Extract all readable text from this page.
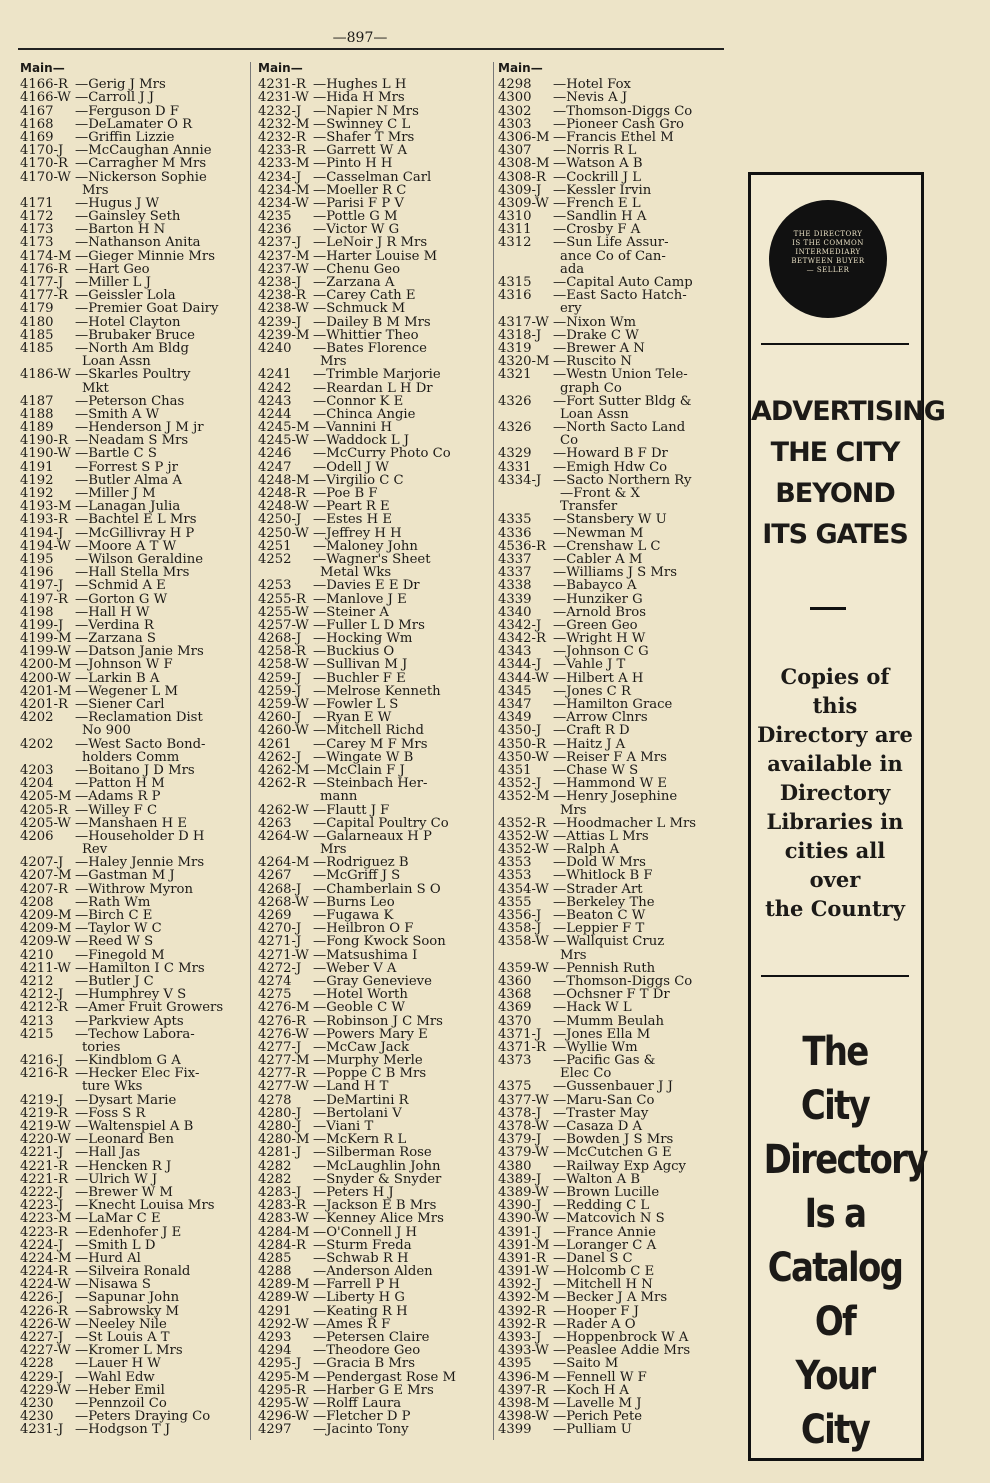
—897—
Main—
4166-R —Gerig J Mrs
4166-W —Carroll J J
4167	—Ferguson D F
4168	—DeLamater O R
4169	—Griffin Lizzie
4170-J —McCaughan Annie
4170-R —Carragher M Mrs
4170-W —Nickerson Sophie
Mrs
4171	—Hugus J W
4172	—Gainsley Seth
4173	—Barton H N
4173	—Nathanson Anita
4174-M —Gieger Minnie Mrs
4176-R —Hart Geo
4177-J —Miller L J
4177-R —Geissler Lola
4179	—Premier Goat Dairy
4180	—Hotel Clayton
4185	—Brubaker Bruce
4185	—North Am Bldg
Loan Assn
4186-W —Skarles Poultry
Mkt
4187	—Peterson Chas
4188	—Smith A W
4189	—Henderson J M jr
4190-R —Neadam S Mrs
4190-W —Bartle C S
4191	—Forrest S P jr
4192	—Butler Alma A
4192	—Miller J M
4193-M —Lanagan Julia
4193-R —Bachtel E L Mrs
4194-J —McGillivray H P
4194-W —Moore A T W
4195	—Wilson Geraldine
4196	—Hall Stella Mrs
4197-J —Schmid A E
4197-R —Gorton G W
4198	—Hall H W
4199-J —Verdina R
4199-M —Zarzana S
4199-W —Datson Janie Mrs
4200-M —Johnson W F
4200-W —Larkin B A
4201-M —Wegener L M
4201-R —Siener Carl
4202	—Reclamation Dist
No 900
4202	—West Sacto Bond-
holders Comm
4203	—Boitano J D Mrs
4204	—Patton H M
4205-M —Adams R P
4205-R —Willey F C
4205-W —Manshaen H E
4206	—Householder D H
Rev
4207-J —Haley Jennie Mrs
4207-M —Gastman M J
4207-R —Withrow Myron
4208	—Rath Wm
4209-M —Birch C E
4209-M —Taylor W C
4209-W —Reed W S
4210	—Finegold M
4211-W —Hamilton I C Mrs
4212	—Butler J C
4212-J —Humphrey V S
4212-R —Amer Fruit Growers
4213	—Parkview Apts
4215	—Techow Labora-
tories
4216-J —Kindblom G A
4216-R —Hecker Elec Fix-
ture Wks
4219-J —Dysart Marie
4219-R —Foss S R
4219-W —Waltenspiel A B
4220-W —Leonard Ben
4221-J —Hall Jas
4221-R —Hencken R J
4221-R —Ulrich W J
4222-J —Brewer W M
4223-J —Knecht Louisa Mrs
4223-M —LaMar C E
4223-R —Edenhofer J E
4224-J —Smith L D
4224-M —Hurd Al
4224-R —Silveira Ronald
4224-W —Nisawa S
4226-J —Sapunar John
4226-R —Sabrowsky M
4226-W —Neeley Nile
4227-J —St Louis A T
4227-W —Kromer L Mrs
4228	—Lauer H W
4229-J —Wahl Edw
4229-W —Heber Emil
4230	—Pennzoil Co
4230	—Peters Draying Co
4231-J —Hodgson T J
Main—
4231-R —Hughes L H
4231-W —Hida H Mrs
4232-J —Napier N Mrs
4232-M —Swinney C L
4232-R —Shafer T Mrs
4233-R —Garrett W A
4233-M —Pinto H H
4234-J —Casselman Carl
4234-M —Moeller R C
4234-W —Parisi F P V
4235	—Pottle G M
4236	—Victor W G
4237-J —LeNoir J R Mrs
4237-M —Harter Louise M
4237-W —Chenu Geo
4238-J —Zarzana A
4238-R —Carey Cath E
4238-W —Schmuck M
4239-J —Dailey B M Mrs
4239-M —Whittier Theo
4240	—Bates Florence
Mrs
4241	—Trimble Marjorie
4242	—Reardan L H Dr
4243	—Connor K E
4244	—Chinca Angie
4245-M —Vannini H
4245-W —Waddock L J
4246	—McCurry Photo Co
4247	—Odell J W
4248-M —Virgilio C C
4248-R —Poe B F
4248-W —Peart R E
4250-J —Estes H E
4250-W —Jeffrey H H
4251	—Maloney John
4252	—Wagner's Sheet
Metal Wks
4253	—Davies E E Dr
4255-R —Manlove J E
4255-W —Steiner A
4257-W —Fuller L D Mrs
4268-J —Hocking Wm
4258-R —Buckius O
4258-W —Sullivan M J
4259-J —Buchler F E
4259-J —Melrose Kenneth
4259-W —Fowler L S
4260-J —Ryan E W
4260-W —Mitchell Richd
4261	—Carey M F Mrs
4262-J —Wingate W B
4262-M —McClain F J
4262-R —Steinbach Her-
mann
4262-W —Flautt J F
4263	—Capital Poultry Co
4264-W —Galarneaux H P
Mrs
4264-M —Rodriguez B
4267	—McGriff J S
4268-J —Chamberlain S O
4268-W —Burns Leo
4269	—Fugawa K
4270-J —Heilbron O F
4271-J —Fong Kwock Soon
4271-W —Matsushima I
4272-J —Weber V A
4274	—Gray Genevieve
4275	—Hotel Worth
4276-M —Geoble C W
4276-R —Robinson J C Mrs
4276-W —Powers Mary E
4277-J —McCaw Jack
4277-M —Murphy Merle
4277-R —Poppe C B Mrs
4277-W —Land H T
4278	—DeMartini R
4280-J —Bertolani V
4280-J —Viani T
4280-M —McKern R L
4281-J —Silberman Rose
4282	—McLaughlin John
4282	—Snyder & Snyder
4283-J —Peters H J
4283-R —Jackson E B Mrs
4283-W —Kenney Alice Mrs
4284-M —O'Connell J H
4284-R —Sturm Freda
4285	—Schwab R H
4288	—Anderson Alden
4289-M —Farrell P H
4289-W —Liberty H G
4291	—Keating R H
4292-W —Ames R F
4293	—Petersen Claire
4294	—Theodore Geo
4295-J —Gracia B Mrs
4295-M —Pendergast Rose M
4295-R —Harber G E Mrs
4295-W —Rolff Laura
4296-W —Fletcher D P
4297	—Jacinto Tony
Main—
4298	—Hotel Fox
4300	—Nevis A J
4302	—Thomson-Diggs Co
4303	—Pioneer Cash Gro
4306-M —Francis Ethel M
4307	—Norris R L
4308-M —Watson A B
4308-R —Cockrill J L
4309-J —Kessler Irvin
4309-W —French E L
4310	—Sandlin H A
4311	—Crosby F A
4312	—Sun Life Assur-
ance Co of Can-
ada
4315	—Capital Auto Camp
4316	—East Sacto Hatch-
ery
4317-W —Nixon Wm
4318-J —Drake C W
4319	—Brewer A N
4320-M —Ruscito N
4321	—Westn Union Tele-
graph Co
4326	—Fort Sutter Bldg &
Loan Assn
4326	—North Sacto Land
Co
4329	—Howard B F Dr
4331	—Emigh Hdw Co
4334-J —Sacto Northern Ry
—Front & X
Transfer
4335	—Stansbery W U
4336	—Newman M
4536-R —Crenshaw L C
4337	—Cabler A M
4337	—Williams J S Mrs
4338	—Babayco A
4339	—Hunziker G
4340	—Arnold Bros
4342-J —Green Geo
4342-R —Wright H W
4343	—Johnson C G
4344-J —Vahle J T
4344-W —Hilbert A H
4345	—Jones C R
4347	—Hamilton Grace
4349	—Arrow Clnrs
4350-J —Craft R D
4350-R —Haitz J A
4350-W —Reiser F A Mrs
4351	—Chase W S
4352-J —Hammond W E
4352-M —Henry Josephine
Mrs
4352-R —Hoodmacher L Mrs
4352-W —Attias L Mrs
4352-W —Ralph A
4353	—Dold W Mrs
4353	—Whitlock B F
4354-W —Strader Art
4355	—Berkeley The
4356-J —Beaton C W
4358-J —Leppier F T
4358-W —Wallquist Cruz
Mrs
4359-W —Pennish Ruth
4360	—Thomson-Diggs Co
4368	—Ochsner F T Dr
4369	—Hack W L
4370	—Mumm Beulah
4371-J —Jones Ella M
4371-R —Wyllie Wm
4373	—Pacific Gas &
Elec Co
4375	—Gussenbauer J J
4377-W —Maru-San Co
4378-J —Traster May
4378-W —Casaza D A
4379-J —Bowden J S Mrs
4379-W —McCutchen G E
4380	—Railway Exp Agcy
4389-J —Walton A B
4389-W —Brown Lucille
4390-J —Redding C L
4390-W —Matcovich N S
4391-J —France Annie
4391-M —Loranger C A
4391-R —Danel S C
4391-W —Holcomb C E
4392-J —Mitchell H N
4392-M —Becker J A Mrs
4392-R —Hooper F J
4392-R —Rader A O
4393-J —Hoppenbrock W A
4393-W —Peaslee Addie Mrs
4395	—Saito M
4396-M —Fennell W F
4397-R —Koch H A
4398-M —Lavelle M J
4398-W —Perich Pete
4399	—Pulliam U
THE DIRECTORY IS THE COMMON INTERMEDIARY BETWEEN BUYER — SELLER
ADVERTISING
THE CITY
BEYOND
ITS GATES
Copies of
this
Directory are
available in
Directory
Libraries in
cities all
over
the Country
The City
Directory
Is a
Catalog Of
Your City
